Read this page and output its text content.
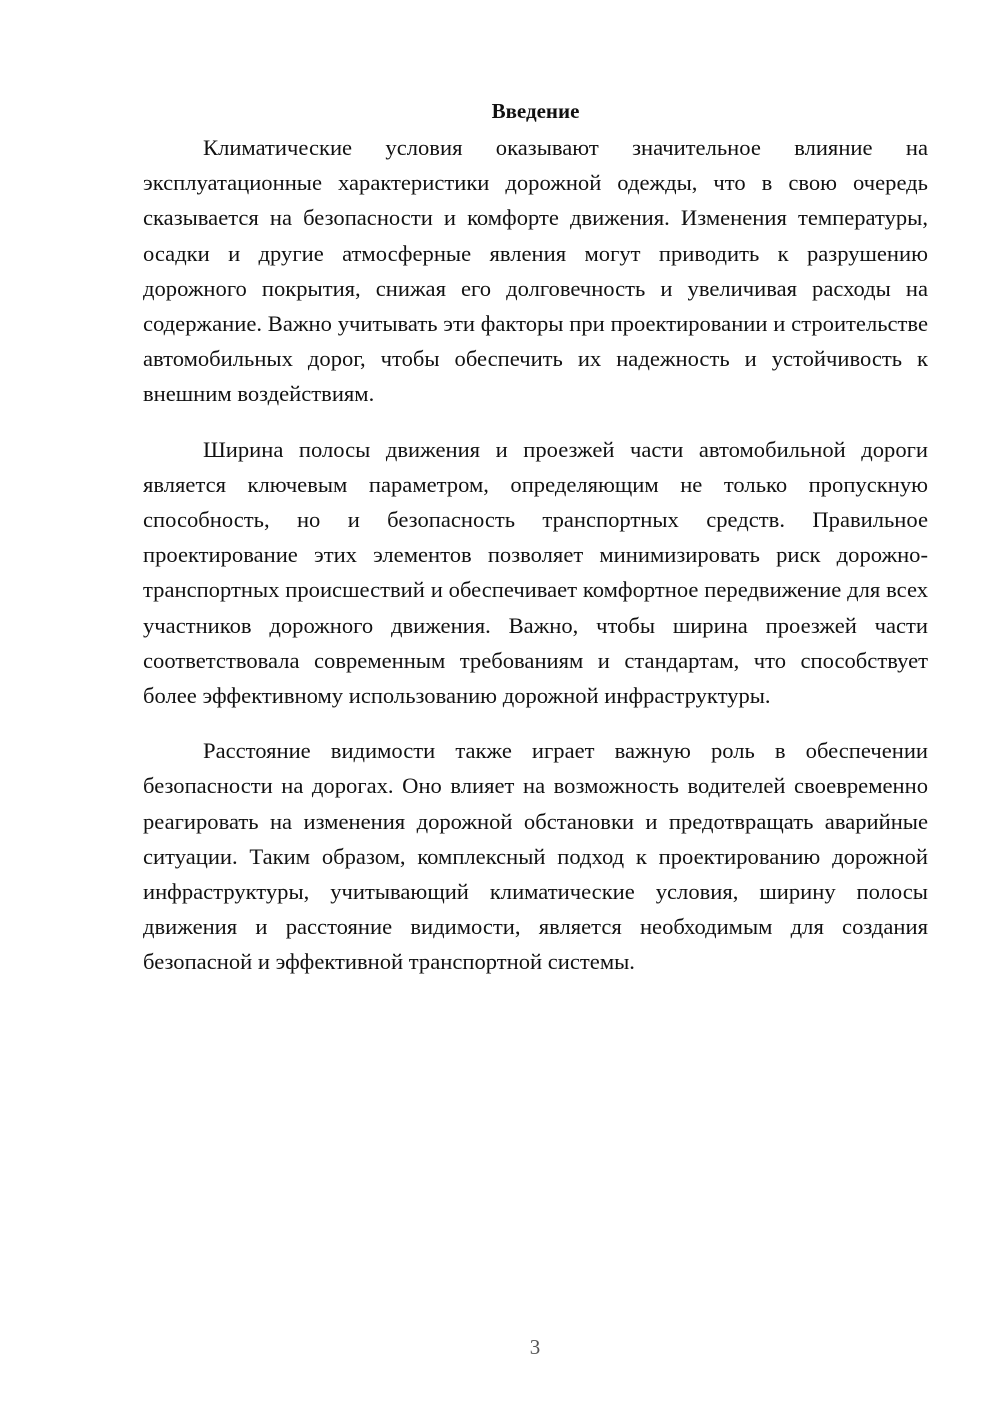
Введение

Климатические условия оказывают значительное влияние на эксплуатационные характеристики дорожной одежды, что в свою очередь сказывается на безопасности и комфорте движения. Изменения температуры, осадки и другие атмосферные явления могут приводить к разрушению дорожного покрытия, снижая его долговечность и увеличивая расходы на содержание. Важно учитывать эти факторы при проектировании и строительстве автомобильных дорог, чтобы обеспечить их надежность и устойчивость к внешним воздействиям.

Ширина полосы движения и проезжей части автомобильной дороги является ключевым параметром, определяющим не только пропускную способность, но и безопасность транспортных средств. Правильное проектирование этих элементов позволяет минимизировать риск дорожно-транспортных происшествий и обеспечивает комфортное передвижение для всех участников дорожного движения. Важно, чтобы ширина проезжей части соответствовала современным требованиям и стандартам, что способствует более эффективному использованию дорожной инфраструктуры.

Расстояние видимости также играет важную роль в обеспечении безопасности на дорогах. Оно влияет на возможность водителей своевременно реагировать на изменения дорожной обстановки и предотвращать аварийные ситуации. Таким образом, комплексный подход к проектированию дорожной инфраструктуры, учитывающий климатические условия, ширину полосы движения и расстояние видимости, является необходимым для создания безопасной и эффективной транспортной системы.

3
